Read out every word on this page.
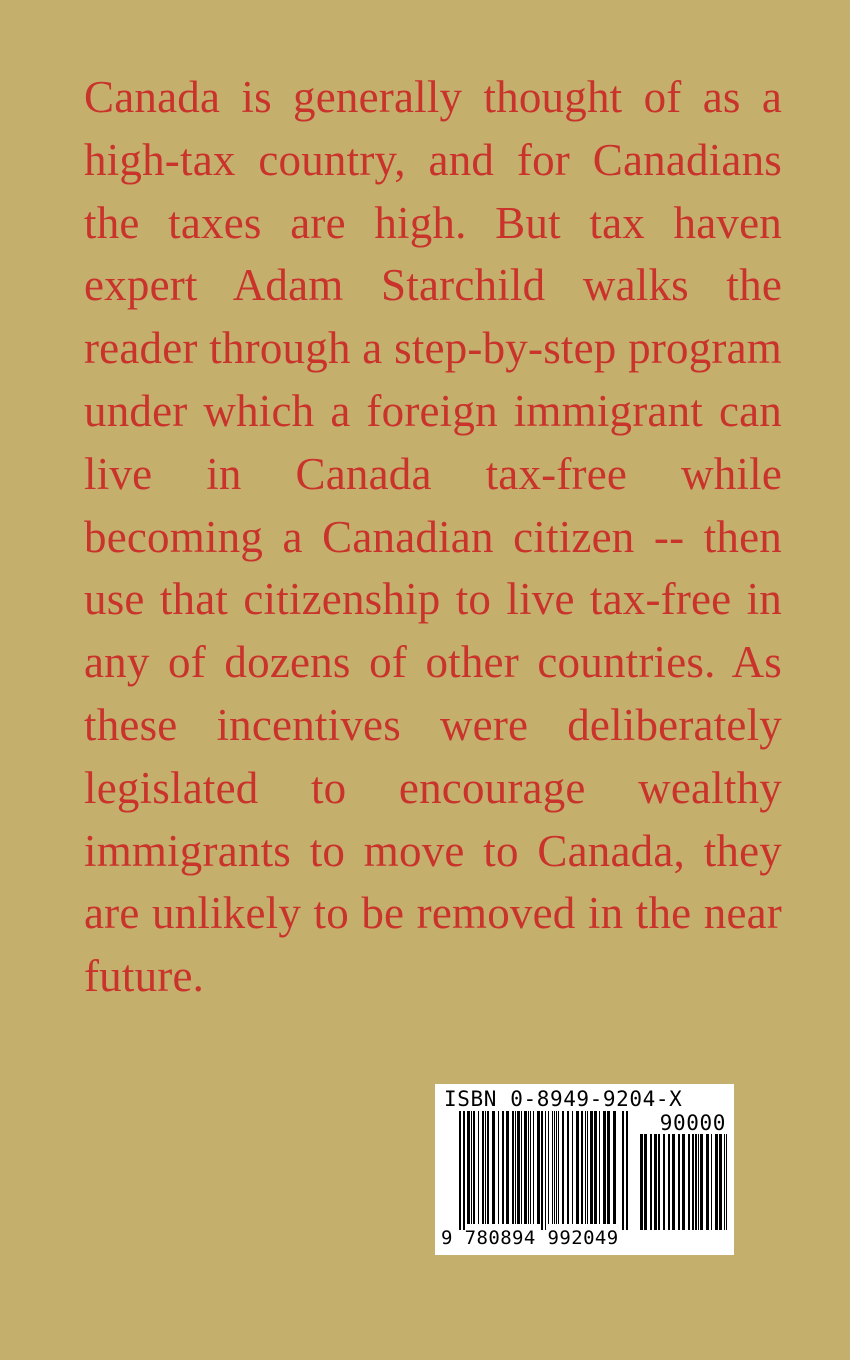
Canada is generally thought of as a high-tax country, and for Canadians the taxes are high. But tax haven expert Adam Starchild walks the reader through a step-by-step program under which a foreign immigrant can live in Canada tax-free while becoming a Canadian citizen -- then use that citizenship to live tax-free in any of dozens of other countries. As these incentives were deliberately legislated to encourage wealthy immigrants to move to Canada, they are unlikely to be removed in the near future.

ISBN 0-8949-9204-X
90000
9 780894 992049
